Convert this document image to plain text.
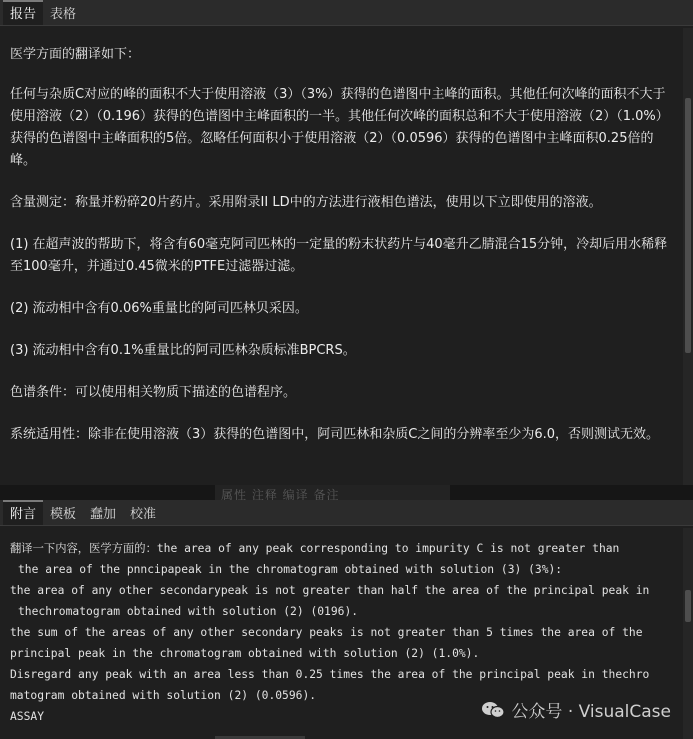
报告	表格

医学方面的翻译如下：

任何与杂质C对应的峰的面积不大于使用溶液（3）（3%）获得的色谱图中主峰的面积。其他任何次峰的面积不大于使用溶液（2）（0.196）获得的色谱图中主峰面积的一半。其他任何次峰的面积总和不大于使用溶液（2）（1.0%）获得的色谱图中主峰面积的5倍。忽略任何面积小于使用溶液（2）（0.0596）获得的色谱图中主峰面积0.25倍的峰。

含量测定：称量并粉碎20片药片。采用附录II LD中的方法进行液相色谱法，使用以下立即使用的溶液。

(1) 在超声波的帮助下，将含有60毫克阿司匹林的一定量的粉末状药片与40毫升乙腈混合15分钟，冷却后用水稀释至100毫升，并通过0.45微米的PTFE过滤器过滤。

(2) 流动相中含有0.06%重量比的阿司匹林贝采因。

(3) 流动相中含有0.1%重量比的阿司匹林杂质标准BPCRS。

色谱条件：可以使用相关物质下描述的色谱程序。

系统适用性：除非在使用溶液（3）获得的色谱图中，阿司匹林和杂质C之间的分辨率至少为6.0，否则测试无效。

属性 注释 编译 备注
附言	模板	蠢加	校准
翻译一下内容，医学方面的：the area of any peak corresponding to impurity C is not greater than
the area of the pnncipapeak in the chromatogram obtained with solution (3) (3%):
the area of any other secondarypeak is not greater than half the area of the principal peak in
thechromatogram obtained with solution (2) (0196).
the sum of the areas of any other secondary peaks is not greater than 5 times the area of the
principal peak in the chromatogram obtained with solution (2) (1.0%).
Disregard any peak with an area less than 0.25 times the area of the principal peak in thechro
matogram obtained with solution (2) (0.0596).
ASSAY	公众号 · VisualCase
